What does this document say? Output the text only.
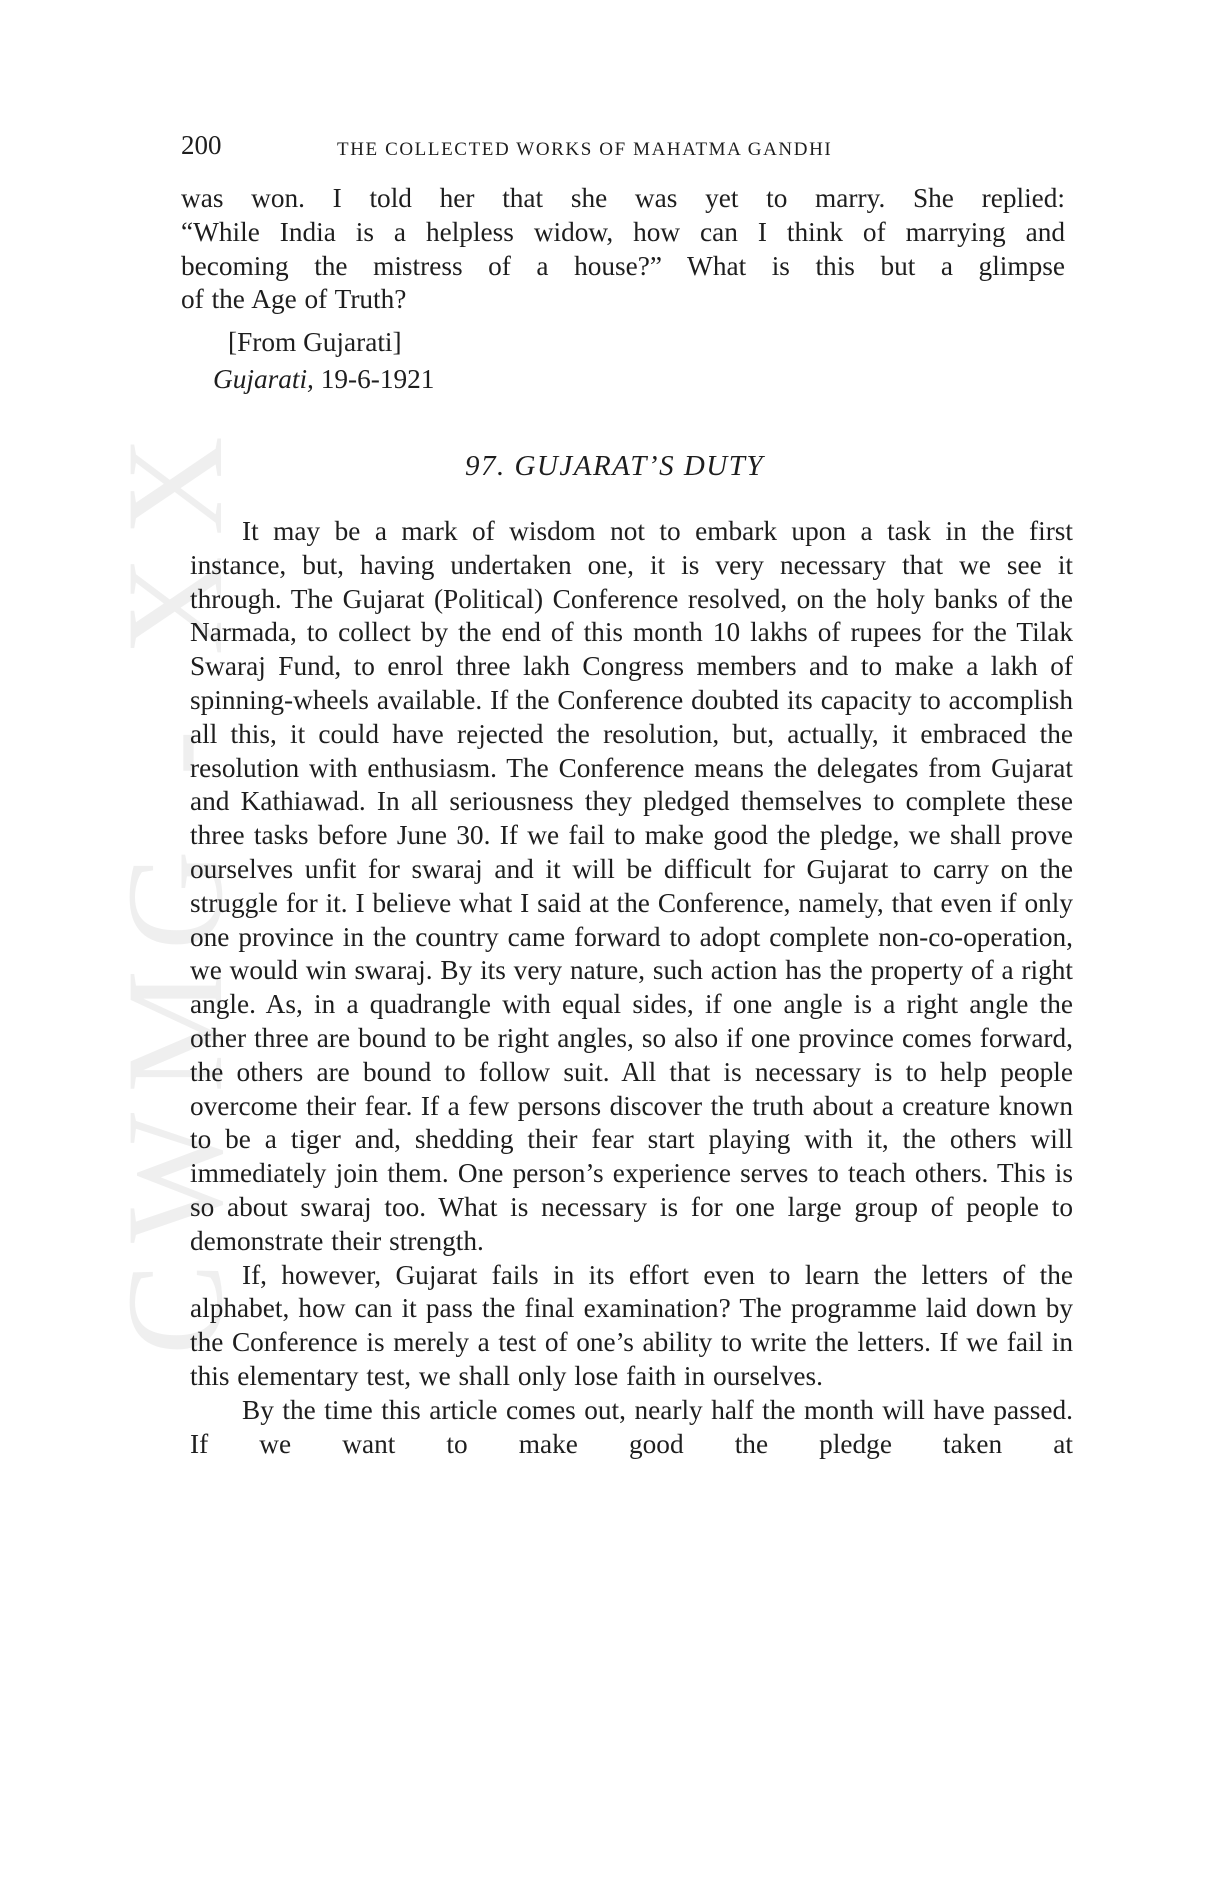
CWMG - XX
200	THE COLLECTED WORKS OF MAHATMA GANDHI
was won. I told her that she was yet to marry. She replied:
“While India is a helpless widow, how can I think of marrying and
becoming the mistress of a house?” What is this but a glimpse
of the Age of Truth?
[From Gujarati]
Gujarati, 19-6-1921
97. GUJARAT’S DUTY

It may be a mark of wisdom not to embark upon a task in the first instance, but, having undertaken one, it is very necessary that we see it through. The Gujarat (Political) Conference resolved, on the holy banks of the Narmada, to collect by the end of this month 10 lakhs of rupees for the Tilak Swaraj Fund, to enrol three lakh Congress members and to make a lakh of spinning-wheels available. If the Conference doubted its capacity to accomplish all this, it could have rejected the resolution, but, actually, it embraced the resolution with enthusiasm. The Conference means the delegates from Gujarat and Kathiawad. In all seriousness they pledged themselves to complete these three tasks before June 30. If we fail to make good the pledge, we shall prove ourselves unfit for swaraj and it will be difficult for Gujarat to carry on the struggle for it. I believe what I said at the Conference, namely, that even if only one province in the country came forward to adopt complete non-co-operation, we would win swaraj. By its very nature, such action has the property of a right angle. As, in a quadrangle with equal sides, if one angle is a right angle the other three are bound to be right angles, so also if one province comes forward, the others are bound to follow suit. All that is necessary is to help people overcome their fear. If a few persons discover the truth about a creature known to be a tiger and, shedding their fear start playing with it, the others will immediately join them. One person’s experience serves to teach others. This is so about swaraj too. What is necessary is for one large group of people to demonstrate their strength.

If, however, Gujarat fails in its effort even to learn the letters of the alphabet, how can it pass the final examination? The programme laid down by the Conference is merely a test of one’s ability to write the letters. If we fail in this elementary test, we shall only lose faith in ourselves.

By the time this article comes out, nearly half the month will have passed. If we want to make good the pledge taken at
